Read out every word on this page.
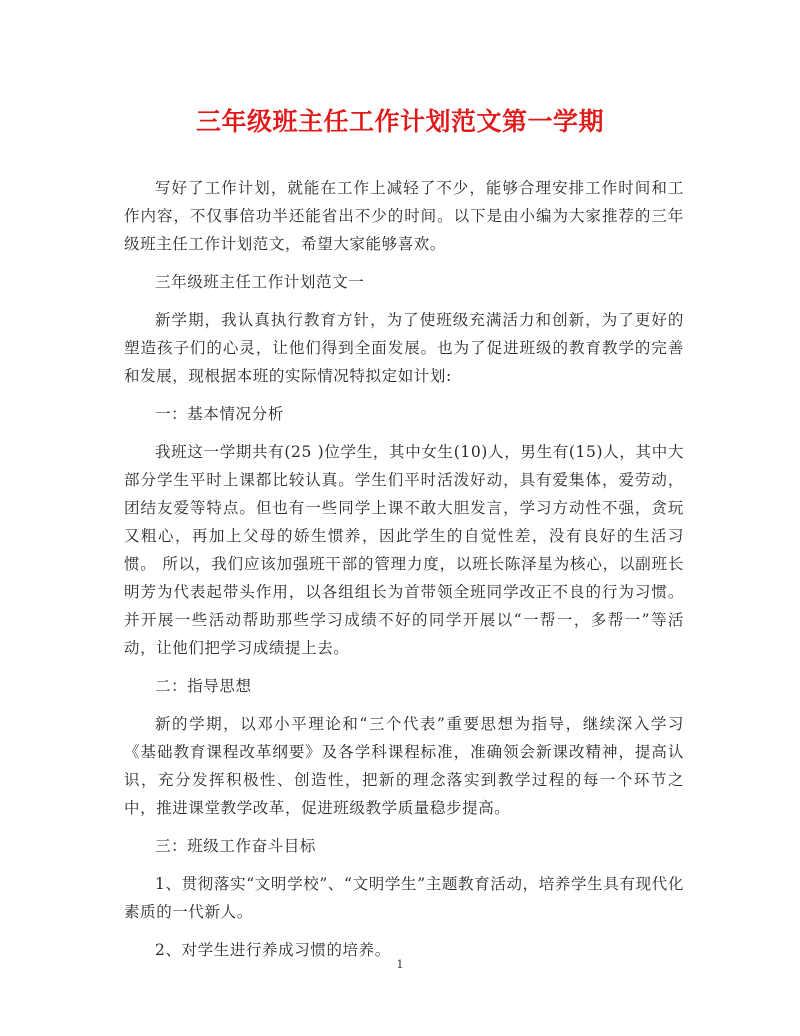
三年级班主任工作计划范文第一学期

写好了工作计划，就能在工作上减轻了不少，能够合理安排工作时间和工作内容，不仅事倍功半还能省出不少的时间。以下是由小编为大家推荐的三年级班主任工作计划范文，希望大家能够喜欢。

三年级班主任工作计划范文一

新学期，我认真执行教育方针，为了使班级充满活力和创新，为了更好的塑造孩子们的心灵，让他们得到全面发展。也为了促进班级的教育教学的完善和发展，现根据本班的实际情况特拟定如计划:

一：基本情况分析

我班这一学期共有(25 )位学生，其中女生(10)人，男生有(15)人，其中大部分学生平时上课都比较认真。学生们平时活泼好动，具有爱集体，爱劳动，团结友爱等特点。但也有一些同学上课不敢大胆发言，学习方动性不强，贪玩又粗心，再加上父母的娇生惯养，因此学生的自觉性差，没有良好的生活习惯。 所以，我们应该加强班干部的管理力度，以班长陈泽星为核心，以副班长明芳为代表起带头作用，以各组组长为首带领全班同学改正不良的行为习惯。并开展一些活动帮助那些学习成绩不好的同学开展以“一帮一，多帮一”等活动，让他们把学习成绩提上去。

二：指导思想

新的学期，以邓小平理论和“三个代表”重要思想为指导，继续深入学习《基础教育课程改革纲要》及各学科课程标准，准确领会新课改精神，提高认识，充分发挥积极性、创造性，把新的理念落实到教学过程的每一个环节之中，推进课堂教学改革，促进班级教学质量稳步提高。

三：班级工作奋斗目标

1、贯彻落实“文明学校”、“文明学生”主题教育活动，培养学生具有现代化素质的一代新人。

2、对学生进行养成习惯的培养。

1
